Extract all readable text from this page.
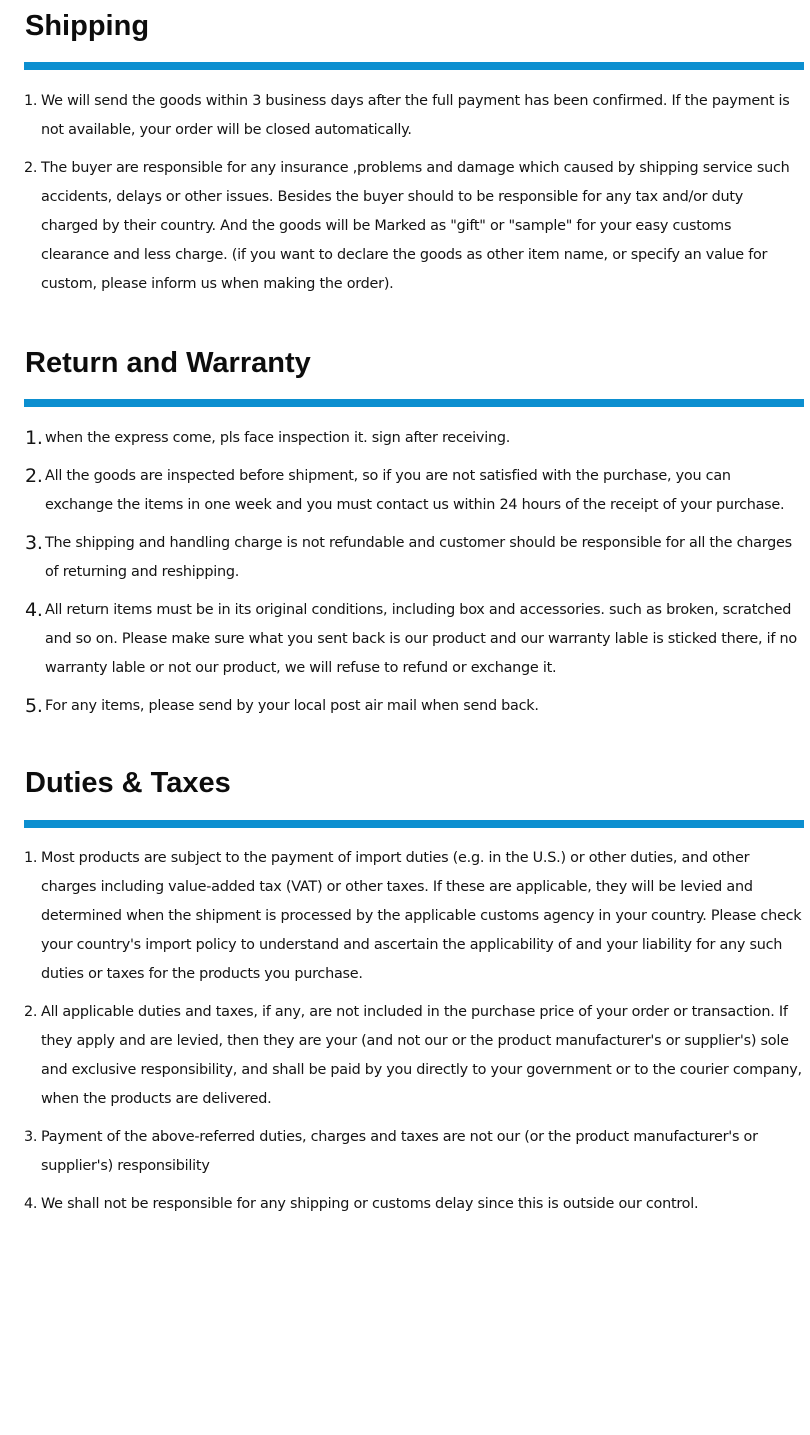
Shipping
1. We will send the goods within 3 business days after the full payment has been confirmed. If the payment is not available, your order will be closed automatically.
2. The buyer are responsible for any insurance ,problems and damage which caused by shipping service such accidents, delays or other issues. Besides the buyer should to be responsible for any tax and/or duty charged by their country. And the goods will be Marked as "gift" or "sample" for your easy customs clearance and less charge. (if you want to declare the goods as other item name, or specify an value for custom, please inform us when making the order).
Return and Warranty
1. when the express come, pls face inspection it. sign after receiving.
2. All the goods are inspected before shipment, so if you are not satisfied with the purchase, you can exchange the items in one week and you must contact us within 24 hours of the receipt of your purchase.
3. The shipping and handling charge is not refundable and customer should be responsible for all the charges of returning and reshipping.
4. All return items must be in its original conditions, including box and accessories. such as broken, scratched and so on. Please make sure what you sent back is our product and our warranty lable is sticked there, if no warranty lable or not our product, we will refuse to refund or exchange it.
5. For any items, please send by your local post air mail when send back.
Duties & Taxes
1. Most products are subject to the payment of import duties (e.g. in the U.S.) or other duties, and other charges including value-added tax (VAT) or other taxes. If these are applicable, they will be levied and determined when the shipment is processed by the applicable customs agency in your country. Please check your country's import policy to understand and ascertain the applicability of and your liability for any such duties or taxes for the products you purchase.
2. All applicable duties and taxes, if any, are not included in the purchase price of your order or transaction. If they apply and are levied, then they are your (and not our or the product manufacturer's or supplier's) sole and exclusive responsibility, and shall be paid by you directly to your government or to the courier company, when the products are delivered.
3. Payment of the above-referred duties, charges and taxes are not our (or the product manufacturer's or supplier's) responsibility
4. We shall not be responsible for any shipping or customs delay since this is outside our control.
